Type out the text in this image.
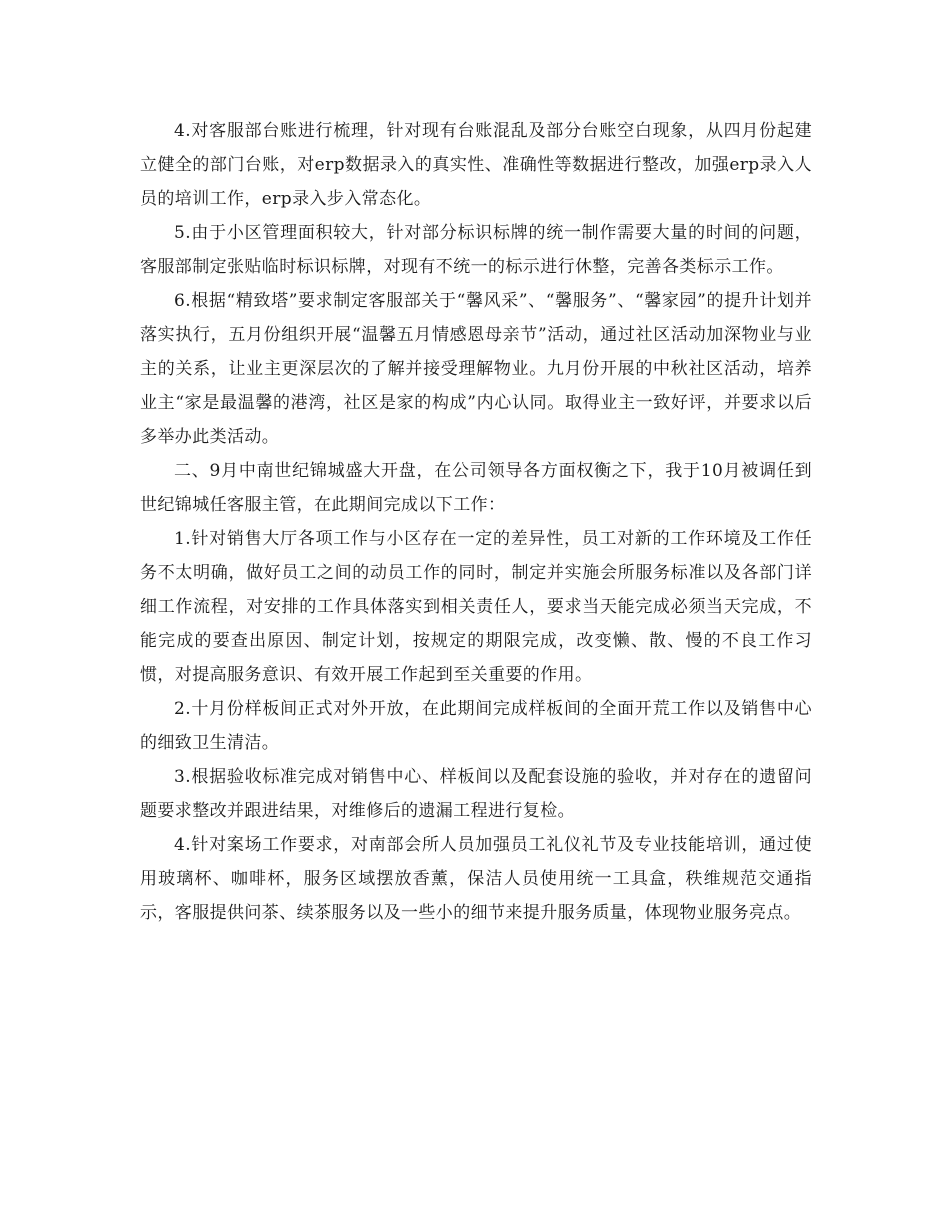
4.对客服部台账进行梳理，针对现有台账混乱及部分台账空白现象，从四月份起建立健全的部门台账，对erp数据录入的真实性、准确性等数据进行整改，加强erp录入人员的培训工作，erp录入步入常态化。

5.由于小区管理面积较大，针对部分标识标牌的统一制作需要大量的时间的问题，客服部制定张贴临时标识标牌，对现有不统一的标示进行休整，完善各类标示工作。

6.根据“精致塔”要求制定客服部关于“馨风采”、“馨服务”、“馨家园”的提升计划并落实执行，五月份组织开展“温馨五月情感恩母亲节”活动，通过社区活动加深物业与业主的关系，让业主更深层次的了解并接受理解物业。九月份开展的中秋社区活动，培养业主“家是最温馨的港湾，社区是家的构成”内心认同。取得业主一致好评，并要求以后多举办此类活动。

二、9月中南世纪锦城盛大开盘，在公司领导各方面权衡之下，我于10月被调任到世纪锦城任客服主管，在此期间完成以下工作：

1.针对销售大厅各项工作与小区存在一定的差异性，员工对新的工作环境及工作任务不太明确，做好员工之间的动员工作的同时，制定并实施会所服务标准以及各部门详细工作流程，对安排的工作具体落实到相关责任人，要求当天能完成必须当天完成，不能完成的要查出原因、制定计划，按规定的期限完成，改变懒、散、慢的不良工作习惯，对提高服务意识、有效开展工作起到至关重要的作用。

2.十月份样板间正式对外开放，在此期间完成样板间的全面开荒工作以及销售中心的细致卫生清洁。

3.根据验收标准完成对销售中心、样板间以及配套设施的验收，并对存在的遗留问题要求整改并跟进结果，对维修后的遗漏工程进行复检。

4.针对案场工作要求，对南部会所人员加强员工礼仪礼节及专业技能培训，通过使用玻璃杯、咖啡杯，服务区域摆放香薰，保洁人员使用统一工具盒，秩维规范交通指示，客服提供问茶、续茶服务以及一些小的细节来提升服务质量，体现物业服务亮点。
